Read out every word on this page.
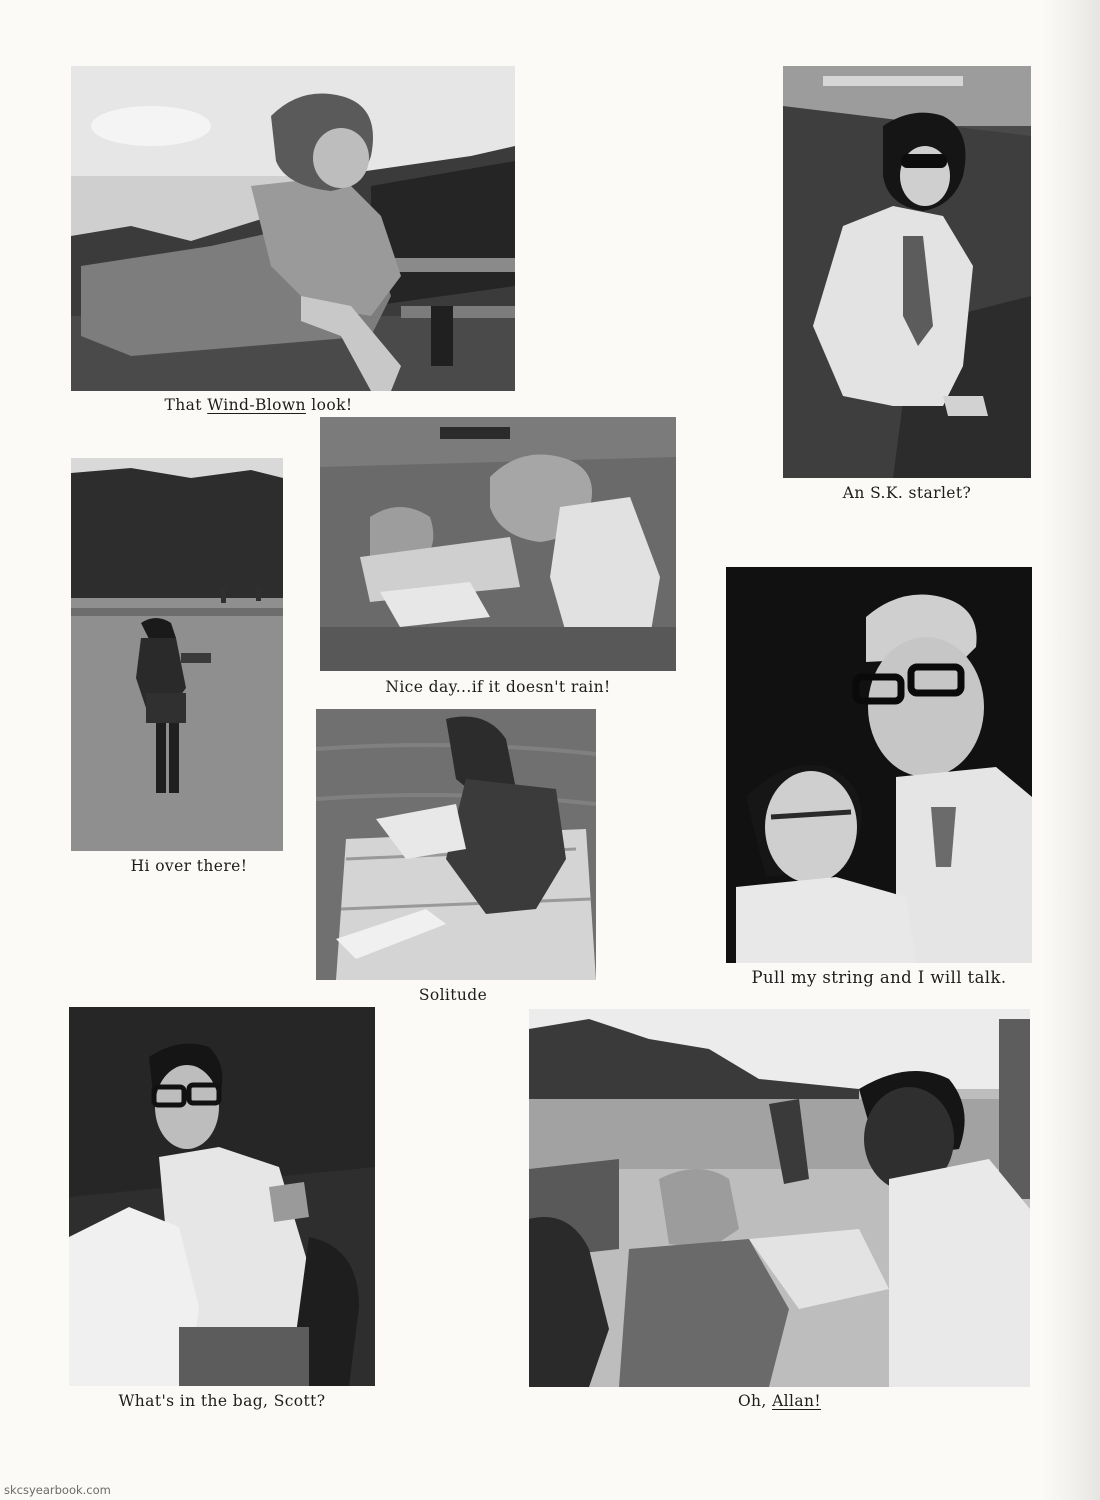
That Wind-Blown look!
An S.K. starlet?
Hi over there!
Nice day...if it doesn't rain!
Solitude
Pull my string and I will talk.
What's in the bag, Scott?	Oh, Allan!
skcsyearbook.com
